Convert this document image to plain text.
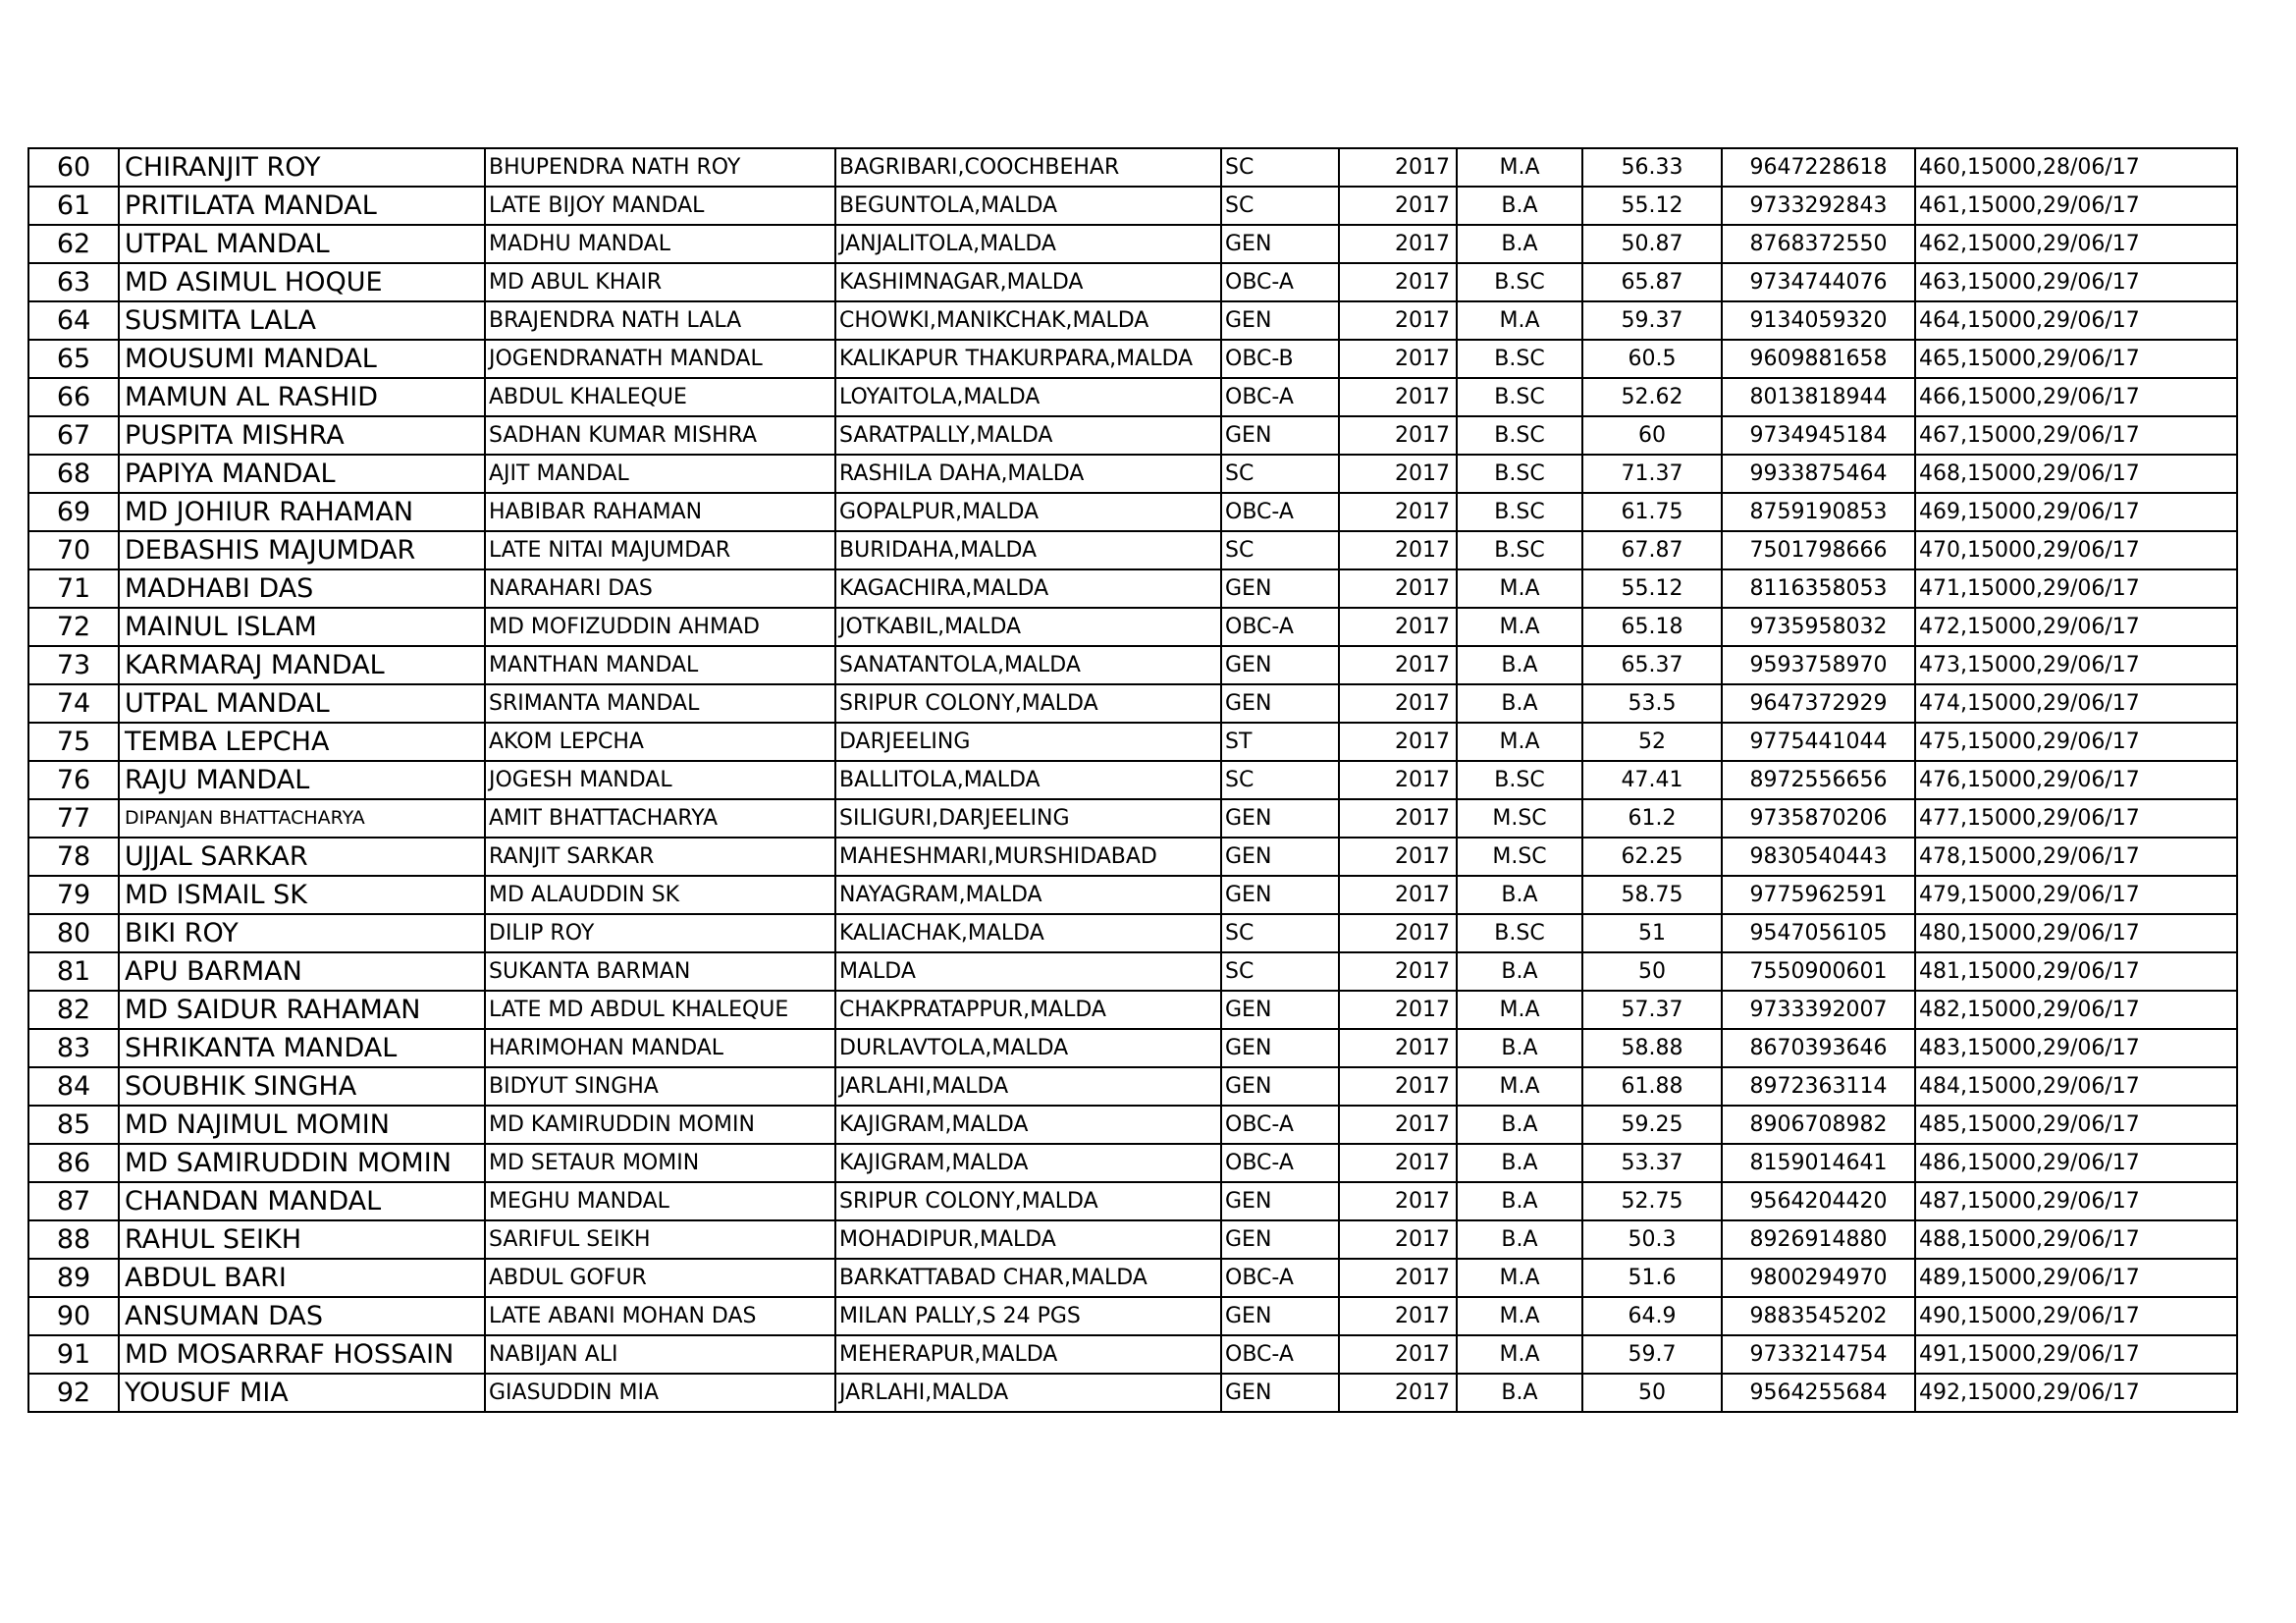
60	CHIRANJIT ROY	BHUPENDRA NATH ROY	BAGRIBARI,COOCHBEHAR	SC	2017	M.A	56.33	9647228618	460,15000,28/06/17
61	PRITILATA MANDAL	LATE BIJOY MANDAL	BEGUNTOLA,MALDA	SC	2017	B.A	55.12	9733292843	461,15000,29/06/17
62	UTPAL MANDAL	MADHU MANDAL	JANJALITOLA,MALDA	GEN	2017	B.A	50.87	8768372550	462,15000,29/06/17
63	MD ASIMUL HOQUE	MD ABUL KHAIR	KASHIMNAGAR,MALDA	OBC-A	2017	B.SC	65.87	9734744076	463,15000,29/06/17
64	SUSMITA LALA	BRAJENDRA NATH LALA	CHOWKI,MANIKCHAK,MALDA	GEN	2017	M.A	59.37	9134059320	464,15000,29/06/17
65	MOUSUMI MANDAL	JOGENDRANATH MANDAL	KALIKAPUR THAKURPARA,MALDA	OBC-B	2017	B.SC	60.5	9609881658	465,15000,29/06/17
66	MAMUN AL RASHID	ABDUL KHALEQUE	LOYAITOLA,MALDA	OBC-A	2017	B.SC	52.62	8013818944	466,15000,29/06/17
67	PUSPITA MISHRA	SADHAN KUMAR MISHRA	SARATPALLY,MALDA	GEN	2017	B.SC	60	9734945184	467,15000,29/06/17
68	PAPIYA MANDAL	AJIT MANDAL	RASHILA DAHA,MALDA	SC	2017	B.SC	71.37	9933875464	468,15000,29/06/17
69	MD JOHIUR RAHAMAN	HABIBAR RAHAMAN	GOPALPUR,MALDA	OBC-A	2017	B.SC	61.75	8759190853	469,15000,29/06/17
70	DEBASHIS MAJUMDAR	LATE NITAI MAJUMDAR	BURIDAHA,MALDA	SC	2017	B.SC	67.87	7501798666	470,15000,29/06/17
71	MADHABI DAS	NARAHARI DAS	KAGACHIRA,MALDA	GEN	2017	M.A	55.12	8116358053	471,15000,29/06/17
72	MAINUL ISLAM	MD MOFIZUDDIN AHMAD	JOTKABIL,MALDA	OBC-A	2017	M.A	65.18	9735958032	472,15000,29/06/17
73	KARMARAJ MANDAL	MANTHAN MANDAL	SANATANTOLA,MALDA	GEN	2017	B.A	65.37	9593758970	473,15000,29/06/17
74	UTPAL MANDAL	SRIMANTA MANDAL	SRIPUR COLONY,MALDA	GEN	2017	B.A	53.5	9647372929	474,15000,29/06/17
75	TEMBA LEPCHA	AKOM LEPCHA	DARJEELING	ST	2017	M.A	52	9775441044	475,15000,29/06/17
76	RAJU MANDAL	JOGESH MANDAL	BALLITOLA,MALDA	SC	2017	B.SC	47.41	8972556656	476,15000,29/06/17
77	DIPANJAN BHATTACHARYA	AMIT BHATTACHARYA	SILIGURI,DARJEELING	GEN	2017	M.SC	61.2	9735870206	477,15000,29/06/17
78	UJJAL SARKAR	RANJIT SARKAR	MAHESHMARI,MURSHIDABAD	GEN	2017	M.SC	62.25	9830540443	478,15000,29/06/17
79	MD ISMAIL SK	MD ALAUDDIN SK	NAYAGRAM,MALDA	GEN	2017	B.A	58.75	9775962591	479,15000,29/06/17
80	BIKI ROY	DILIP ROY	KALIACHAK,MALDA	SC	2017	B.SC	51	9547056105	480,15000,29/06/17
81	APU BARMAN	SUKANTA BARMAN	MALDA	SC	2017	B.A	50	7550900601	481,15000,29/06/17
82	MD SAIDUR RAHAMAN	LATE MD ABDUL KHALEQUE	CHAKPRATAPPUR,MALDA	GEN	2017	M.A	57.37	9733392007	482,15000,29/06/17
83	SHRIKANTA MANDAL	HARIMOHAN MANDAL	DURLAVTOLA,MALDA	GEN	2017	B.A	58.88	8670393646	483,15000,29/06/17
84	SOUBHIK SINGHA	BIDYUT SINGHA	JARLAHI,MALDA	GEN	2017	M.A	61.88	8972363114	484,15000,29/06/17
85	MD NAJIMUL MOMIN	MD KAMIRUDDIN MOMIN	KAJIGRAM,MALDA	OBC-A	2017	B.A	59.25	8906708982	485,15000,29/06/17
86	MD SAMIRUDDIN MOMIN	MD SETAUR MOMIN	KAJIGRAM,MALDA	OBC-A	2017	B.A	53.37	8159014641	486,15000,29/06/17
87	CHANDAN MANDAL	MEGHU MANDAL	SRIPUR COLONY,MALDA	GEN	2017	B.A	52.75	9564204420	487,15000,29/06/17
88	RAHUL SEIKH	SARIFUL SEIKH	MOHADIPUR,MALDA	GEN	2017	B.A	50.3	8926914880	488,15000,29/06/17
89	ABDUL BARI	ABDUL GOFUR	BARKATTABAD CHAR,MALDA	OBC-A	2017	M.A	51.6	9800294970	489,15000,29/06/17
90	ANSUMAN DAS	LATE ABANI MOHAN DAS	MILAN PALLY,S 24 PGS	GEN	2017	M.A	64.9	9883545202	490,15000,29/06/17
91	MD MOSARRAF HOSSAIN	NABIJAN ALI	MEHERAPUR,MALDA	OBC-A	2017	M.A	59.7	9733214754	491,15000,29/06/17
92	YOUSUF MIA	GIASUDDIN MIA	JARLAHI,MALDA	GEN	2017	B.A	50	9564255684	492,15000,29/06/17
